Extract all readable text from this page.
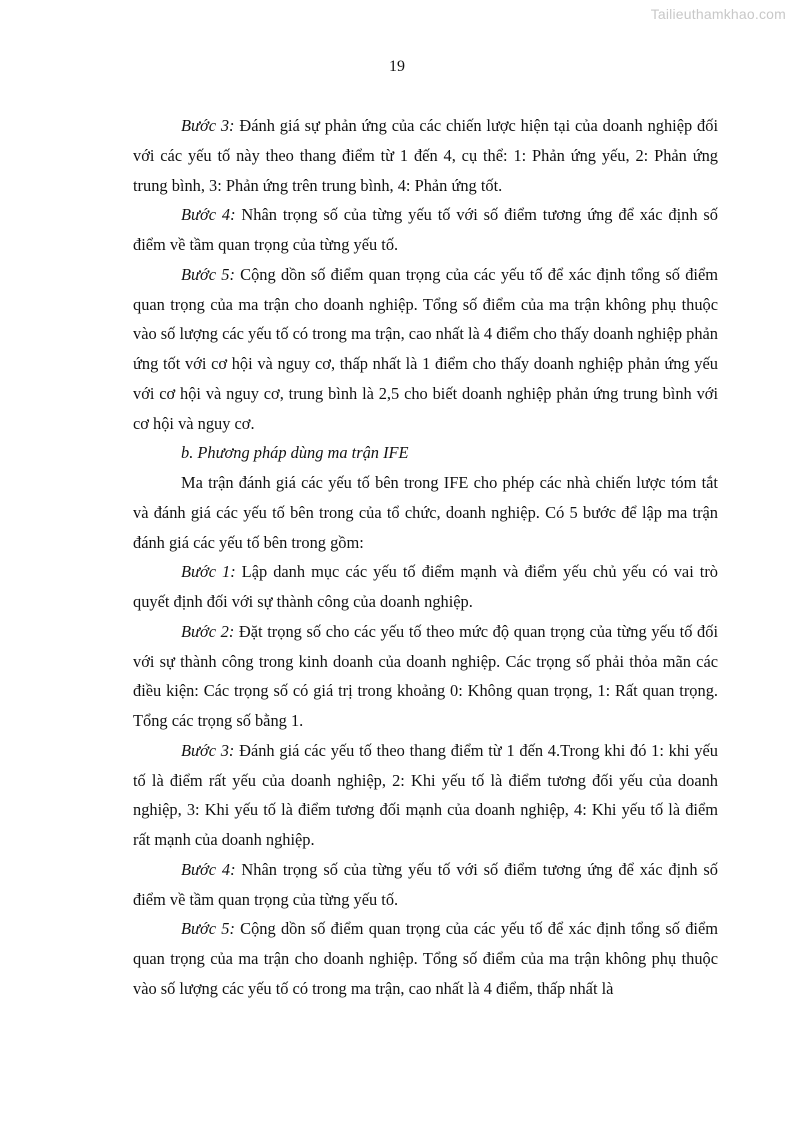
Tailieuthamkhao.com
19

Bước 3: Đánh giá sự phản ứng của các chiến lược hiện tại của doanh nghiệp đối với các yếu tố này theo thang điểm từ 1 đến 4, cụ thể: 1: Phản ứng yếu, 2: Phản ứng trung bình, 3: Phản ứng trên trung bình, 4: Phản ứng tốt.

Bước 4: Nhân trọng số của từng yếu tố với số điểm tương ứng để xác định số điểm về tầm quan trọng của từng yếu tố.

Bước 5: Cộng dồn số điểm quan trọng của các yếu tố để xác định tổng số điểm quan trọng của ma trận cho doanh nghiệp. Tổng số điểm của ma trận không phụ thuộc vào số lượng các yếu tố có trong ma trận, cao nhất là 4 điểm cho thấy doanh nghiệp phản ứng tốt với cơ hội và nguy cơ, thấp nhất là 1 điểm cho thấy doanh nghiệp phản ứng yếu với cơ hội và nguy cơ, trung bình là 2,5 cho biết doanh nghiệp phản ứng trung bình với cơ hội và nguy cơ.

b. Phương pháp dùng ma trận IFE

Ma trận đánh giá các yếu tố bên trong IFE cho phép các nhà chiến lược tóm tắt và đánh giá các yếu tố bên trong của tổ chức, doanh nghiệp. Có 5 bước để lập ma trận đánh giá các yếu tố bên trong gồm:

Bước 1: Lập danh mục các yếu tố điểm mạnh và điểm yếu chủ yếu có vai trò quyết định đối với sự thành công của doanh nghiệp.

Bước 2: Đặt trọng số cho các yếu tố theo mức độ quan trọng của từng yếu tố đối với sự thành công trong kinh doanh của doanh nghiệp. Các trọng số phải thỏa mãn các điều kiện: Các trọng số có giá trị trong khoảng 0: Không quan trọng, 1: Rất quan trọng. Tổng các trọng số bằng 1.

Bước 3: Đánh giá các yếu tố theo thang điểm từ 1 đến 4.Trong khi đó 1: khi yếu tố là điểm rất yếu của doanh nghiệp, 2: Khi yếu tố là điểm tương đối yếu của doanh nghiệp, 3: Khi yếu tố là điểm tương đối mạnh của doanh nghiệp, 4: Khi yếu tố là điểm rất mạnh của doanh nghiệp.

Bước 4: Nhân trọng số của từng yếu tố với số điểm tương ứng để xác định số điểm về tầm quan trọng của từng yếu tố.

Bước 5: Cộng dồn số điểm quan trọng của các yếu tố để xác định tổng số điểm quan trọng của ma trận cho doanh nghiệp. Tổng số điểm của ma trận không phụ thuộc vào số lượng các yếu tố có trong ma trận, cao nhất là 4 điểm, thấp nhất là
